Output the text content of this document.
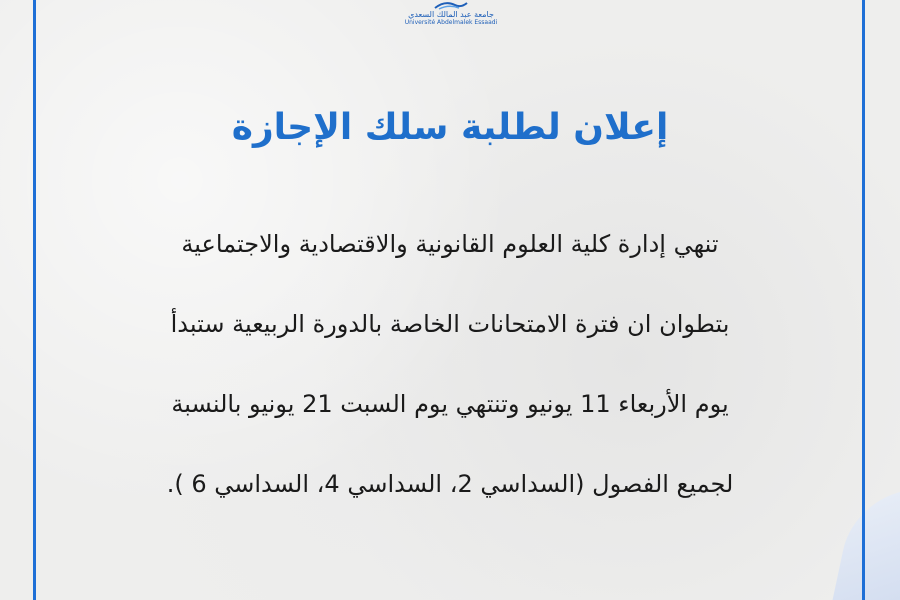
جامعة عبد المالك السعدي
Université Abdelmalek Essaadi
إعلان لطلبة سلك الإجازة
تنهي إدارة كلية العلوم القانونية والاقتصادية والاجتماعية
بتطوان ان فترة الامتحانات الخاصة بالدورة الربيعية ستبدأ
يوم الأربعاء 11 يونيو وتنتهي يوم السبت 21 يونيو بالنسبة
لجميع الفصول (السداسي 2، السداسي 4، السداسي 6 ).
